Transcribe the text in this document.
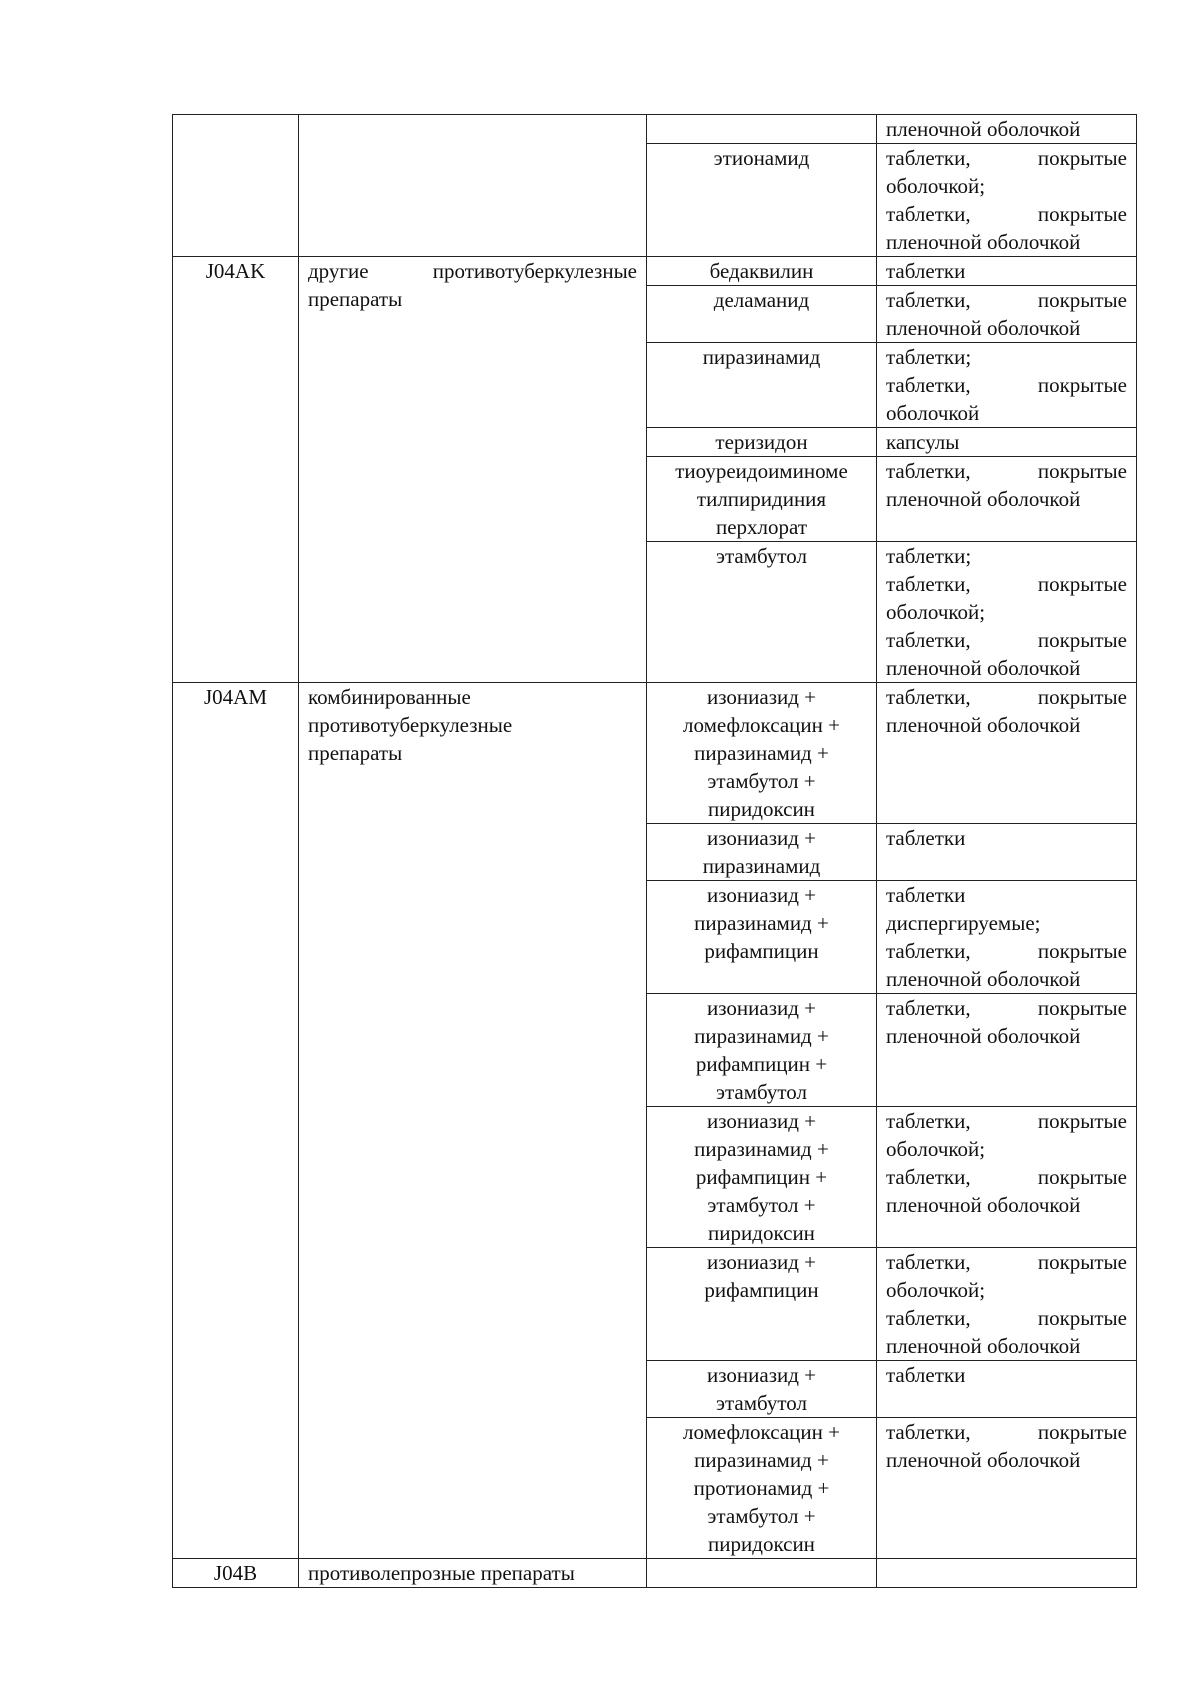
			пленочной оболочкой

		этионамид	таблетки, покрытые
оболочкой;
таблетки, покрытые
пленочной оболочкой

J04AK	другие противотуберкулезные
препараты	бедаквилин	таблетки

		деламанид	таблетки, покрытые
пленочной оболочкой

		пиразинамид	таблетки;
таблетки, покрытые
оболочкой

		теризидон	капсулы

		тиоуреидоиминоме
тилпиридиния
перхлорат	таблетки, покрытые
пленочной оболочкой

		этамбутол	таблетки;
таблетки, покрытые
оболочкой;
таблетки, покрытые
пленочной оболочкой

J04AM	комбинированные
противотуберкулезные
препараты	изониазид +
ломефлоксацин +
пиразинамид +
этамбутол +
пиридоксин	таблетки, покрытые
пленочной оболочкой

		изониазид +
пиразинамид	таблетки

		изониазид +
пиразинамид +
рифампицин	таблетки
диспергируемые;
таблетки, покрытые
пленочной оболочкой

		изониазид +
пиразинамид +
рифампицин +
этамбутол	таблетки, покрытые
пленочной оболочкой

		изониазид +
пиразинамид +
рифампицин +
этамбутол +
пиридоксин	таблетки, покрытые
оболочкой;
таблетки, покрытые
пленочной оболочкой

		изониазид +
рифампицин	таблетки, покрытые
оболочкой;
таблетки, покрытые
пленочной оболочкой

		изониазид +
этамбутол	таблетки

		ломефлоксацин +
пиразинамид +
протионамид +
этамбутол +
пиридоксин	таблетки, покрытые
пленочной оболочкой

J04B	противолепрозные препараты		
